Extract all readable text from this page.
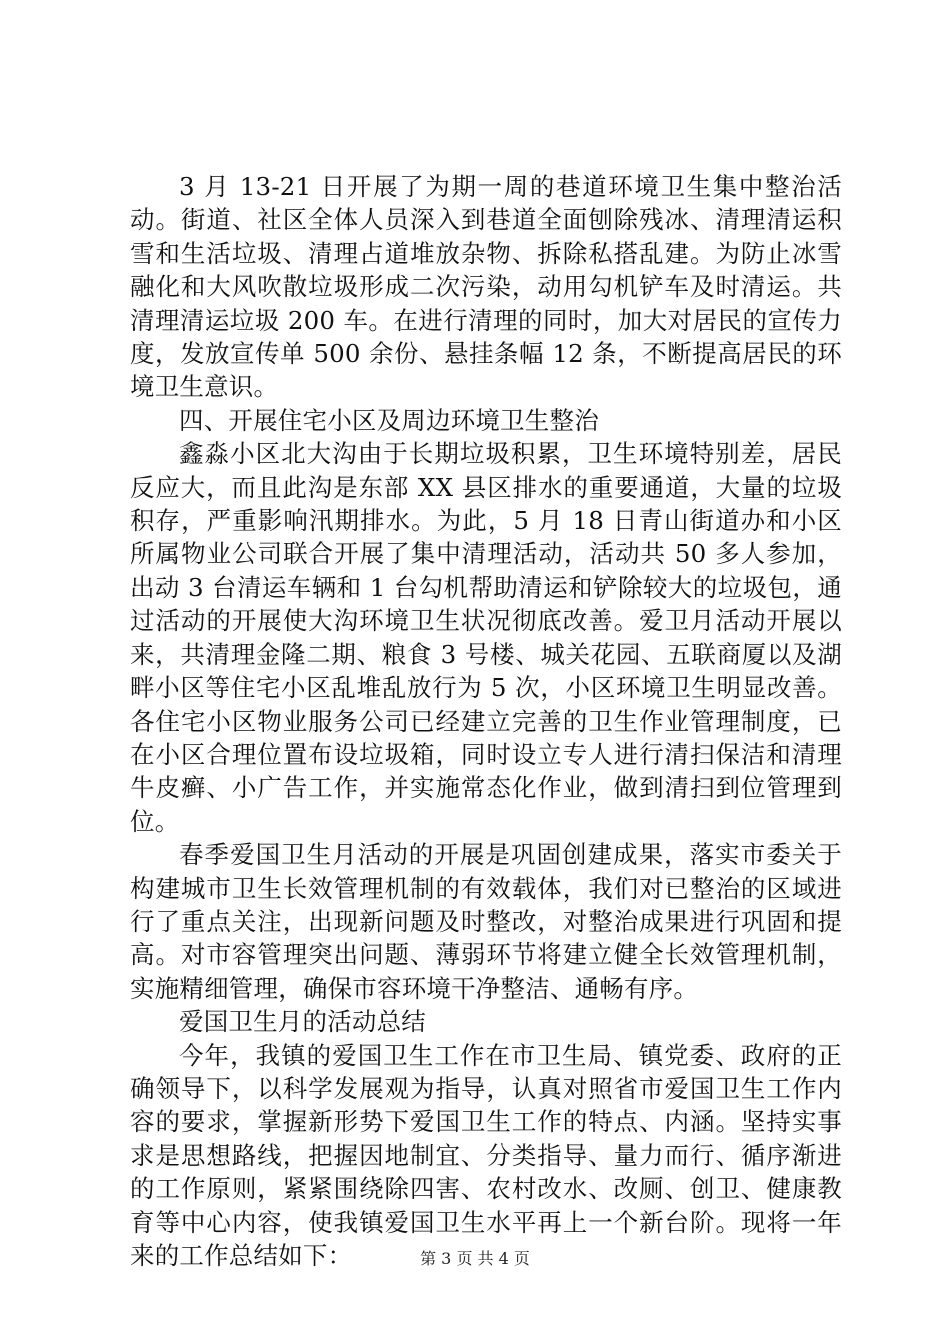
3 月 13-21 日开展了为期一周的巷道环境卫生集中整治活动。街道、社区全体人员深入到巷道全面刨除残冰、清理清运积雪和生活垃圾、清理占道堆放杂物、拆除私搭乱建。为防止冰雪融化和大风吹散垃圾形成二次污染，动用勾机铲车及时清运。共清理清运垃圾 200 车。在进行清理的同时，加大对居民的宣传力度，发放宣传单 500 余份、悬挂条幅 12 条，不断提高居民的环境卫生意识。

四、开展住宅小区及周边环境卫生整治

鑫淼小区北大沟由于长期垃圾积累，卫生环境特别差，居民反应大，而且此沟是东部 XX 县区排水的重要通道，大量的垃圾积存，严重影响汛期排水。为此，5 月 18 日青山街道办和小区所属物业公司联合开展了集中清理活动，活动共 50 多人参加，出动 3 台清运车辆和 1 台勾机帮助清运和铲除较大的垃圾包，通过活动的开展使大沟环境卫生状况彻底改善。爱卫月活动开展以来，共清理金隆二期、粮食 3 号楼、城关花园、五联商厦以及湖畔小区等住宅小区乱堆乱放行为 5 次，小区环境卫生明显改善。各住宅小区物业服务公司已经建立完善的卫生作业管理制度，已在小区合理位置布设垃圾箱，同时设立专人进行清扫保洁和清理牛皮癣、小广告工作，并实施常态化作业，做到清扫到位管理到位。

春季爱国卫生月活动的开展是巩固创建成果，落实市委关于构建城市卫生长效管理机制的有效载体，我们对已整治的区域进行了重点关注，出现新问题及时整改，对整治成果进行巩固和提高。对市容管理突出问题、薄弱环节将建立健全长效管理机制，实施精细管理，确保市容环境干净整洁、通畅有序。

爱国卫生月的活动总结

今年，我镇的爱国卫生工作在市卫生局、镇党委、政府的正确领导下，以科学发展观为指导，认真对照省市爱国卫生工作内容的要求，掌握新形势下爱国卫生工作的特点、内涵。坚持实事求是思想路线，把握因地制宜、分类指导、量力而行、循序渐进的工作原则，紧紧围绕除四害、农村改水、改厕、创卫、健康教育等中心内容，使我镇爱国卫生水平再上一个新台阶。现将一年来的工作总结如下：	第 3 页 共 4 页
